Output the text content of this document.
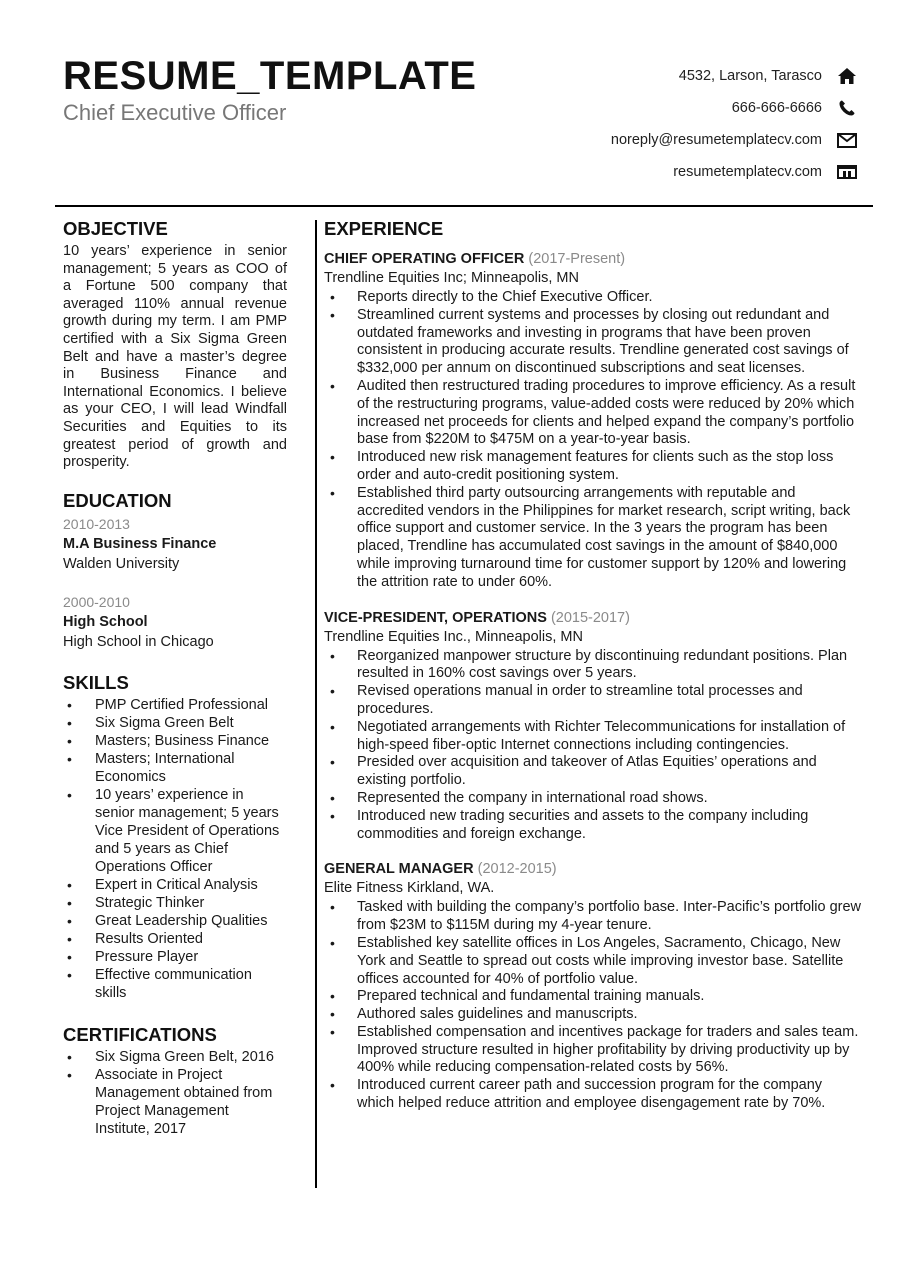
RESUME_TEMPLATE
Chief Executive Officer
4532, Larson, Tarasco
666-666-6666
noreply@resumetemplatecv.com
resumetemplatecv.com
OBJECTIVE
10 years’ experience in senior management; 5 years as COO of a Fortune 500 company that averaged 110% annual revenue growth during my term. I am PMP certified with a Six Sigma Green Belt and have a master’s degree in Business Finance and International Economics. I believe as your CEO, I will lead Windfall Securities and Equities to its greatest period of growth and prosperity.
EDUCATION
2010-2013
M.A Business Finance
Walden University
2000-2010
High School
High School in Chicago
SKILLS
• PMP Certified Professional
• Six Sigma Green Belt
• Masters; Business Finance
• Masters; International Economics
• 10 years’ experience in senior management; 5 years Vice President of Operations and 5 years as Chief Operations Officer
• Expert in Critical Analysis
• Strategic Thinker
• Great Leadership Qualities
• Results Oriented
• Pressure Player
• Effective communication skills
CERTIFICATIONS
• Six Sigma Green Belt, 2016
• Associate in Project Management obtained from Project Management Institute, 2017
EXPERIENCE
CHIEF OPERATING OFFICER (2017-Present)
Trendline Equities Inc; Minneapolis, MN
• Reports directly to the Chief Executive Officer.
• Streamlined current systems and processes by closing out redundant and outdated frameworks and investing in programs that have been proven consistent in producing accurate results. Trendline generated cost savings of $332,000 per annum on discontinued subscriptions and seat licenses.
• Audited then restructured trading procedures to improve efficiency. As a result of the restructuring programs, value-added costs were reduced by 20% which increased net proceeds for clients and helped expand the company’s portfolio base from $220M to $475M on a year-to-year basis.
• Introduced new risk management features for clients such as the stop loss order and auto-credit positioning system.
• Established third party outsourcing arrangements with reputable and accredited vendors in the Philippines for market research, script writing, back office support and customer service. In the 3 years the program has been placed, Trendline has accumulated cost savings in the amount of $840,000 while improving turnaround time for customer support by 120% and lowering the attrition rate to under 60%.
VICE-PRESIDENT, OPERATIONS (2015-2017)
Trendline Equities Inc., Minneapolis, MN
• Reorganized manpower structure by discontinuing redundant positions. Plan resulted in 160% cost savings over 5 years.
• Revised operations manual in order to streamline total processes and procedures.
• Negotiated arrangements with Richter Telecommunications for installation of high-speed fiber-optic Internet connections including contingencies.
• Presided over acquisition and takeover of Atlas Equities’ operations and existing portfolio.
• Represented the company in international road shows.
• Introduced new trading securities and assets to the company including commodities and foreign exchange.
GENERAL MANAGER (2012-2015)
Elite Fitness Kirkland, WA.
• Tasked with building the company’s portfolio base. Inter-Pacific’s portfolio grew from $23M to $115M during my 4-year tenure.
• Established key satellite offices in Los Angeles, Sacramento, Chicago, New York and Seattle to spread out costs while improving investor base. Satellite offices accounted for 40% of portfolio value.
• Prepared technical and fundamental training manuals.
• Authored sales guidelines and manuscripts.
• Established compensation and incentives package for traders and sales team. Improved structure resulted in higher profitability by driving productivity up by 400% while reducing compensation-related costs by 56%.
• Introduced current career path and succession program for the company which helped reduce attrition and employee disengagement rate by 70%.
